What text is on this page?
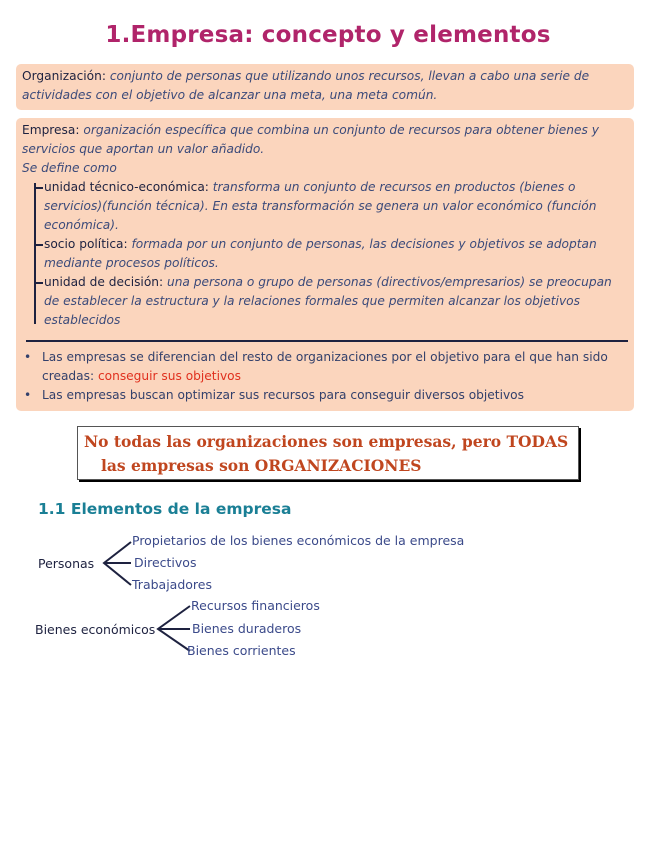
1.Empresa: concepto y elementos
Organización: conjunto de personas que utilizando unos recursos, llevan a cabo una serie de actividades con el objetivo de alcanzar una meta, una meta común.
Empresa: organización específica que combina un conjunto de recursos para obtener bienes y servicios que aportan un valor añadido.
Se define como
unidad técnico-económica: transforma un conjunto de recursos en productos (bienes o servicios)(función técnica). En esta transformación se genera un valor económico (función económica).
socio política: formada por un conjunto de personas, las decisiones y objetivos se adoptan mediante procesos políticos.
unidad de decisión: una persona o grupo de personas (directivos/empresarios) se preocupan de establecer la estructura y la relaciones formales que permiten alcanzar los objetivos establecidos
• Las empresas se diferencian del resto de organizaciones por el objetivo para el que han sido creadas: conseguir sus objetivos
• Las empresas buscan optimizar sus recursos para conseguir diversos objetivos
No todas las organizaciones son empresas, pero TODAS
las empresas son ORGANIZACIONES
1.1 Elementos de la empresa
Personas
Propietarios de los bienes económicos de la empresa
Directivos
Trabajadores
Bienes económicos
Recursos financieros
Bienes duraderos
Bienes corrientes
